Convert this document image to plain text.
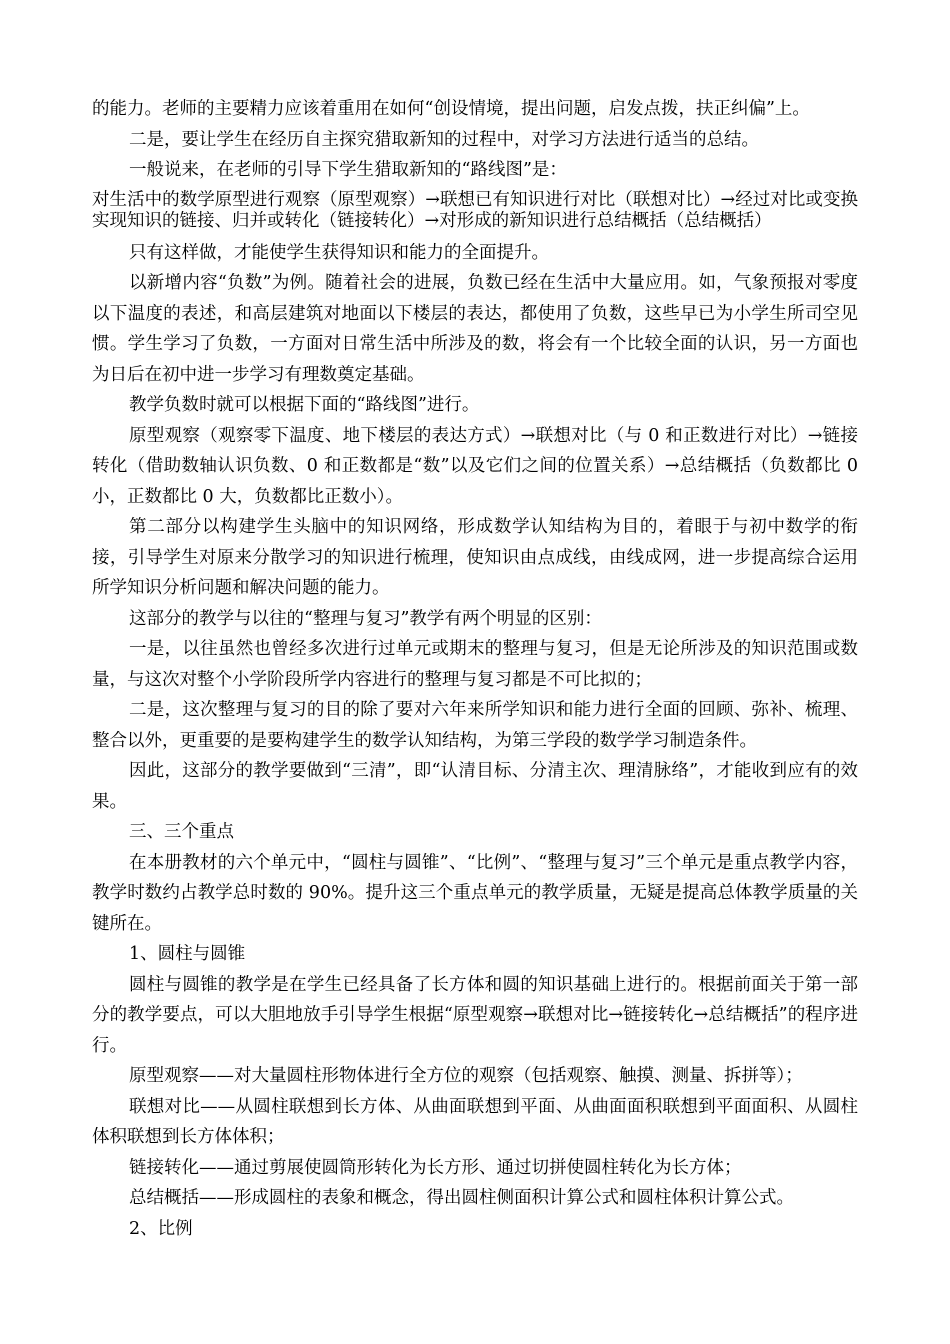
的能力。老师的主要精力应该着重用在如何“创设情境，提出问题，启发点拨，扶正纠偏”上。

二是，要让学生在经历自主探究猎取新知的过程中，对学习方法进行适当的总结。

一般说来，在老师的引导下学生猎取新知的“路线图”是：

对生活中的数学原型进行观察（原型观察）→联想已有知识进行对比（联想对比）→经过对比或变换实现知识的链接、归并或转化（链接转化）→对形成的新知识进行总结概括（总结概括）

只有这样做，才能使学生获得知识和能力的全面提升。

以新增内容“负数”为例。随着社会的进展，负数已经在生活中大量应用。如，气象预报对零度以下温度的表述，和高层建筑对地面以下楼层的表达，都使用了负数，这些早已为小学生所司空见惯。学生学习了负数，一方面对日常生活中所涉及的数，将会有一个比较全面的认识，另一方面也为日后在初中进一步学习有理数奠定基础。

教学负数时就可以根据下面的“路线图”进行。

原型观察（观察零下温度、地下楼层的表达方式）→联想对比（与 0 和正数进行对比）→链接转化（借助数轴认识负数、0 和正数都是“数”以及它们之间的位置关系）→总结概括（负数都比 0 小，正数都比 0 大，负数都比正数小）。

第二部分以构建学生头脑中的知识网络，形成数学认知结构为目的，着眼于与初中数学的衔接，引导学生对原来分散学习的知识进行梳理，使知识由点成线，由线成网，进一步提高综合运用所学知识分析问题和解决问题的能力。

这部分的教学与以往的“整理与复习”教学有两个明显的区别：

一是，以往虽然也曾经多次进行过单元或期末的整理与复习，但是无论所涉及的知识范围或数量，与这次对整个小学阶段所学内容进行的整理与复习都是不可比拟的；

二是，这次整理与复习的目的除了要对六年来所学知识和能力进行全面的回顾、弥补、梳理、整合以外，更重要的是要构建学生的数学认知结构，为第三学段的数学学习制造条件。

因此，这部分的教学要做到“三清”，即“认清目标、分清主次、理清脉络”，才能收到应有的效果。

三、三个重点

在本册教材的六个单元中，“圆柱与圆锥”、“比例”、“整理与复习”三个单元是重点教学内容，教学时数约占教学总时数的 90%。提升这三个重点单元的教学质量，无疑是提高总体教学质量的关键所在。

1、圆柱与圆锥

圆柱与圆锥的教学是在学生已经具备了长方体和圆的知识基础上进行的。根据前面关于第一部分的教学要点，可以大胆地放手引导学生根据“原型观察→联想对比→链接转化→总结概括”的程序进行。

原型观察——对大量圆柱形物体进行全方位的观察（包括观察、触摸、测量、拆拼等）；

联想对比——从圆柱联想到长方体、从曲面联想到平面、从曲面面积联想到平面面积、从圆柱体积联想到长方体体积；

链接转化——通过剪展使圆筒形转化为长方形、通过切拼使圆柱转化为长方体；

总结概括——形成圆柱的表象和概念，得出圆柱侧面积计算公式和圆柱体积计算公式。

2、比例
